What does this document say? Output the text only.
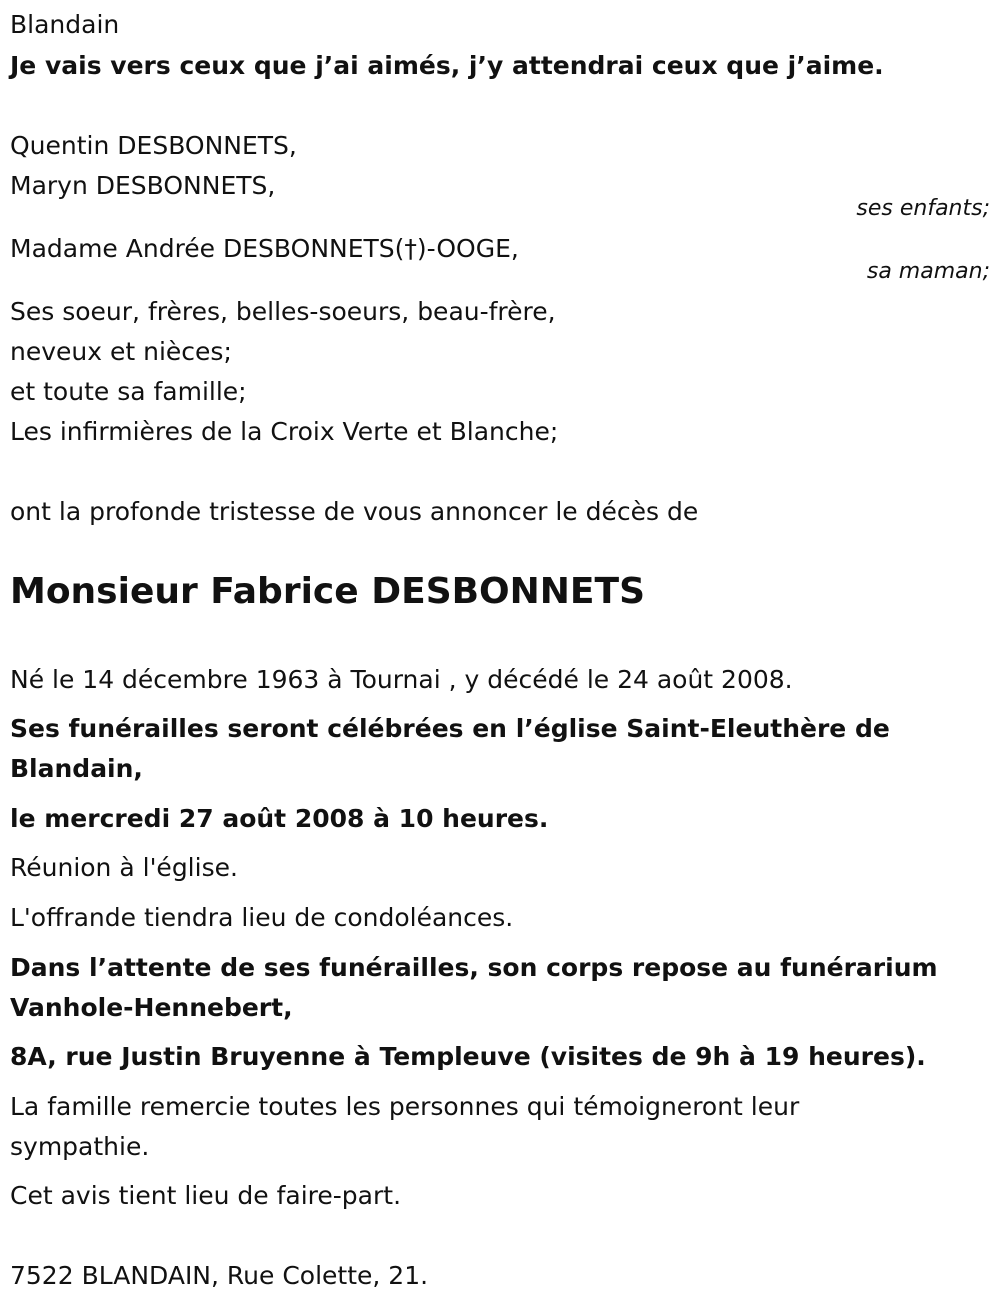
Blandain
Je vais vers ceux que j’ai aimés, j’y attendrai ceux que j’aime.
Quentin DESBONNETS,
Maryn DESBONNETS,
ses enfants;
Madame Andrée DESBONNETS(†)-OOGE,
sa maman;
Ses soeur, frères, belles-soeurs, beau-frère,
neveux et nièces;
et toute sa famille;
Les infirmières de la Croix Verte et Blanche;
ont la profonde tristesse de vous annoncer le décès de
Monsieur Fabrice DESBONNETS
Né le 14 décembre 1963 à Tournai , y décédé le 24 août 2008.
Ses funérailles seront célébrées en l’église Saint-Eleuthère de
Blandain,
le mercredi 27 août 2008 à 10 heures.
Réunion à l'église.
L'offrande tiendra lieu de condoléances.
Dans l’attente de ses funérailles, son corps repose au funérarium
Vanhole-Hennebert,
8A, rue Justin Bruyenne à Templeuve (visites de 9h à 19 heures).
La famille remercie toutes les personnes qui témoigneront leur
sympathie.
Cet avis tient lieu de faire-part.
7522 BLANDAIN, Rue Colette, 21.
